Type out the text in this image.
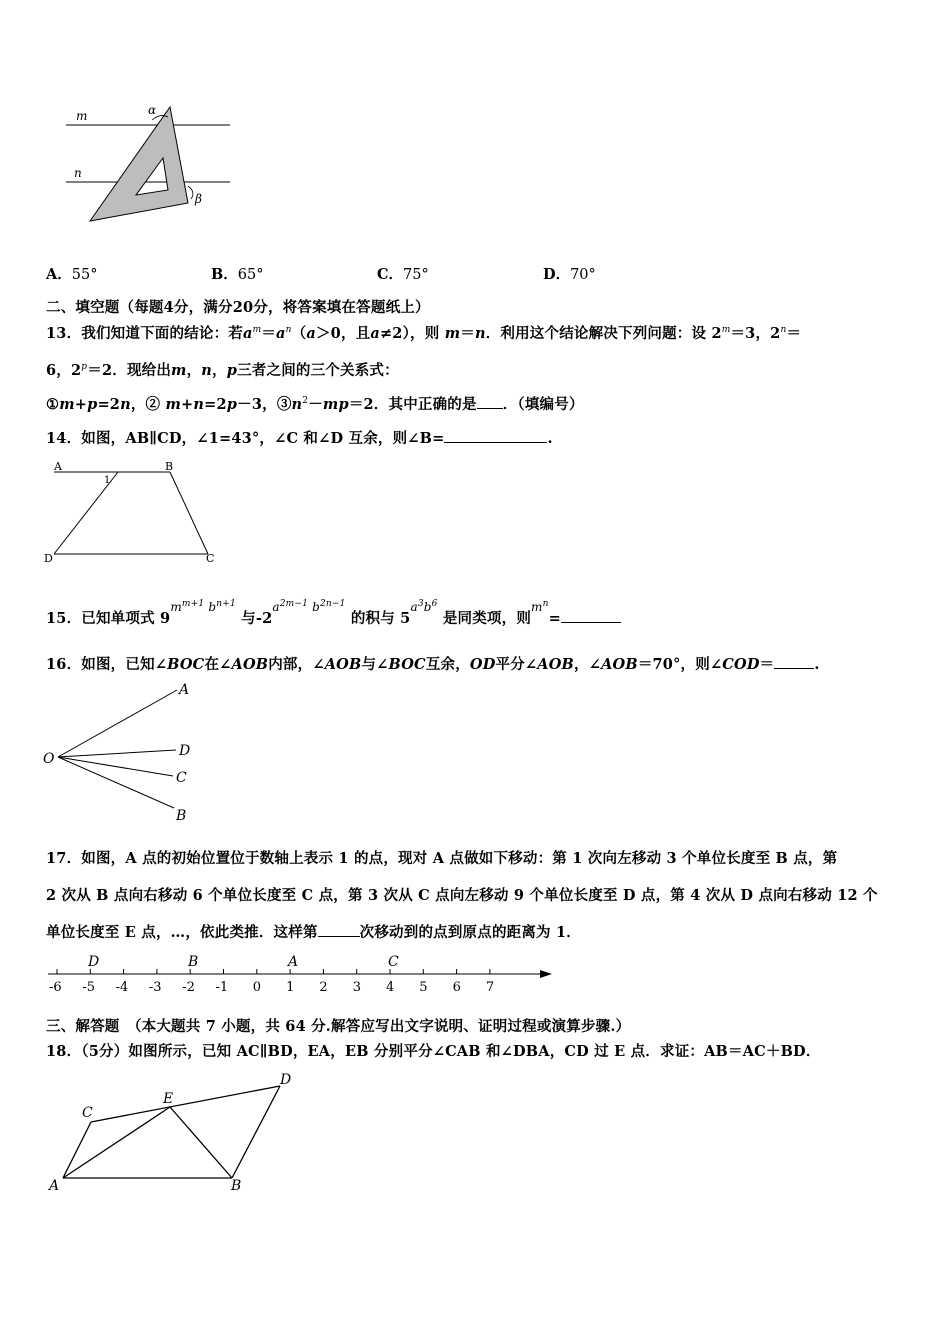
m
n
α
β
A．55°	B．65°	C．75°	D．70°
二、填空题（每题4分，满分20分，将答案填在答题纸上）
13．我们知道下面的结论：若$a^m=a^n(a>0$，且a≠2），则 m＝n．利用这个结论解决下列问题：设 $2^m=3$，$2^n=$
6，$2^p=2$．现给出m，n，p三者之间的三个关系式：
①m+p=2n，② m+n=2p－3，$③n^2-mp=2$．其中正确的是 ．（填编号）
14．如图，AB∥CD，∠1=43°，∠C 和∠D 互余，则∠B=	.
A	B
1
D	C
15．已知单项式 $9^{m^{m+1} b^{n+1}}$ 与$-2^{a^{2m-1} b^{2n-1}}$ 的积与 $5^{a^3b^6}$ 是同类项，则$^{m^n}$=
16．如图，已知∠BOC在∠AOB内部，∠AOB与∠BOC互余，OD平分∠AOB，∠AOB＝70°，则∠COD＝	.
O
A
D
C
B
17．如图，A 点的初始位置位于数轴上表示 1 的点，现对 A 点做如下移动：第 1 次向左移动 3 个单位长度至 B 点，第
2 次从 B 点向右移动 6 个单位长度至 C 点，第 3 次从 C 点向左移动 9 个单位长度至 D 点，第 4 次从 D 点向右移动 12 个
单位长度至 E 点，…，依此类推．这样第	次移动到的点到原点的距离为 1．
-6 -5 -4 -3 -2 -1 0 1 2 3 4 5 6 7
D	B	A	C
三、解答题　（本大题共 7 小题，共 64 分.解答应写出文字说明、证明过程或演算步骤.）
18．（5分）如图所示，已知 AC∥BD，EA，EB 分别平分∠CAB 和∠DBA，CD 过 E 点．求证：AB＝AC＋BD．
A	B
C
E
D
